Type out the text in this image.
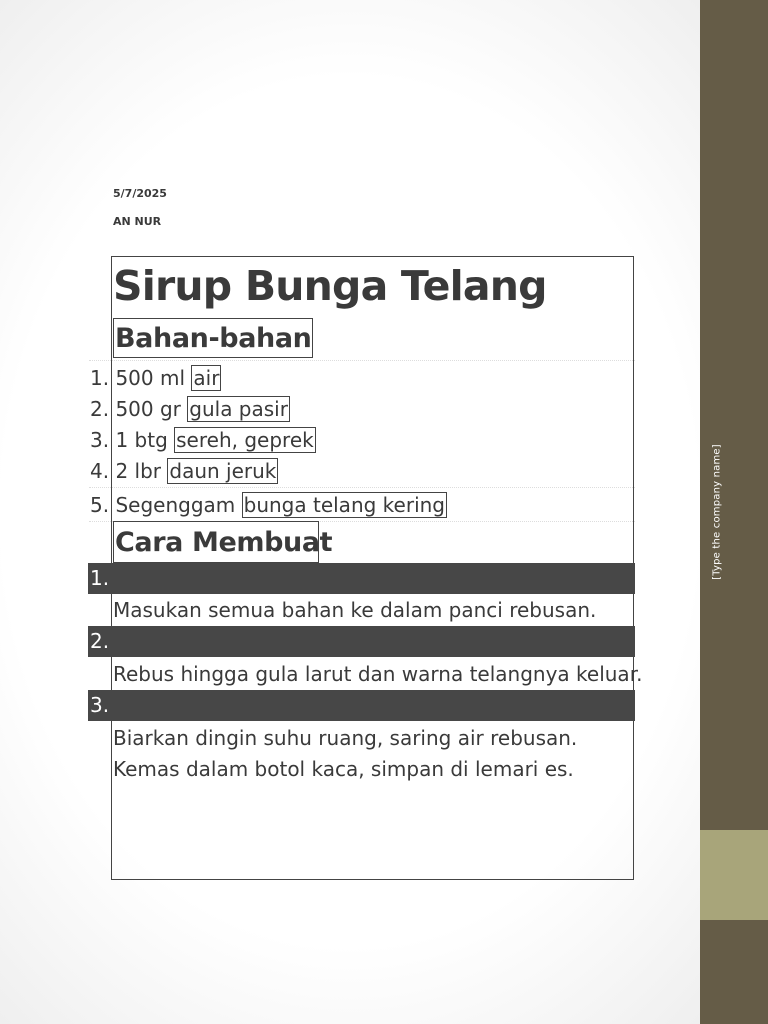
[Type the company name]
5/7/2025
AN NUR
Sirup Bunga Telang
Bahan-bahan
1. 500 ml air
2. 500 gr gula pasir
3. 1 btg sereh, geprek
4. 2 lbr daun jeruk
5. Segenggam bunga telang kering
Cara Membuat
1.
Masukan semua bahan ke dalam panci rebusan.
2.
Rebus hingga gula larut dan warna telangnya keluar.
3.
Biarkan dingin suhu ruang, saring air rebusan. Kemas dalam botol kaca, simpan di lemari es.
